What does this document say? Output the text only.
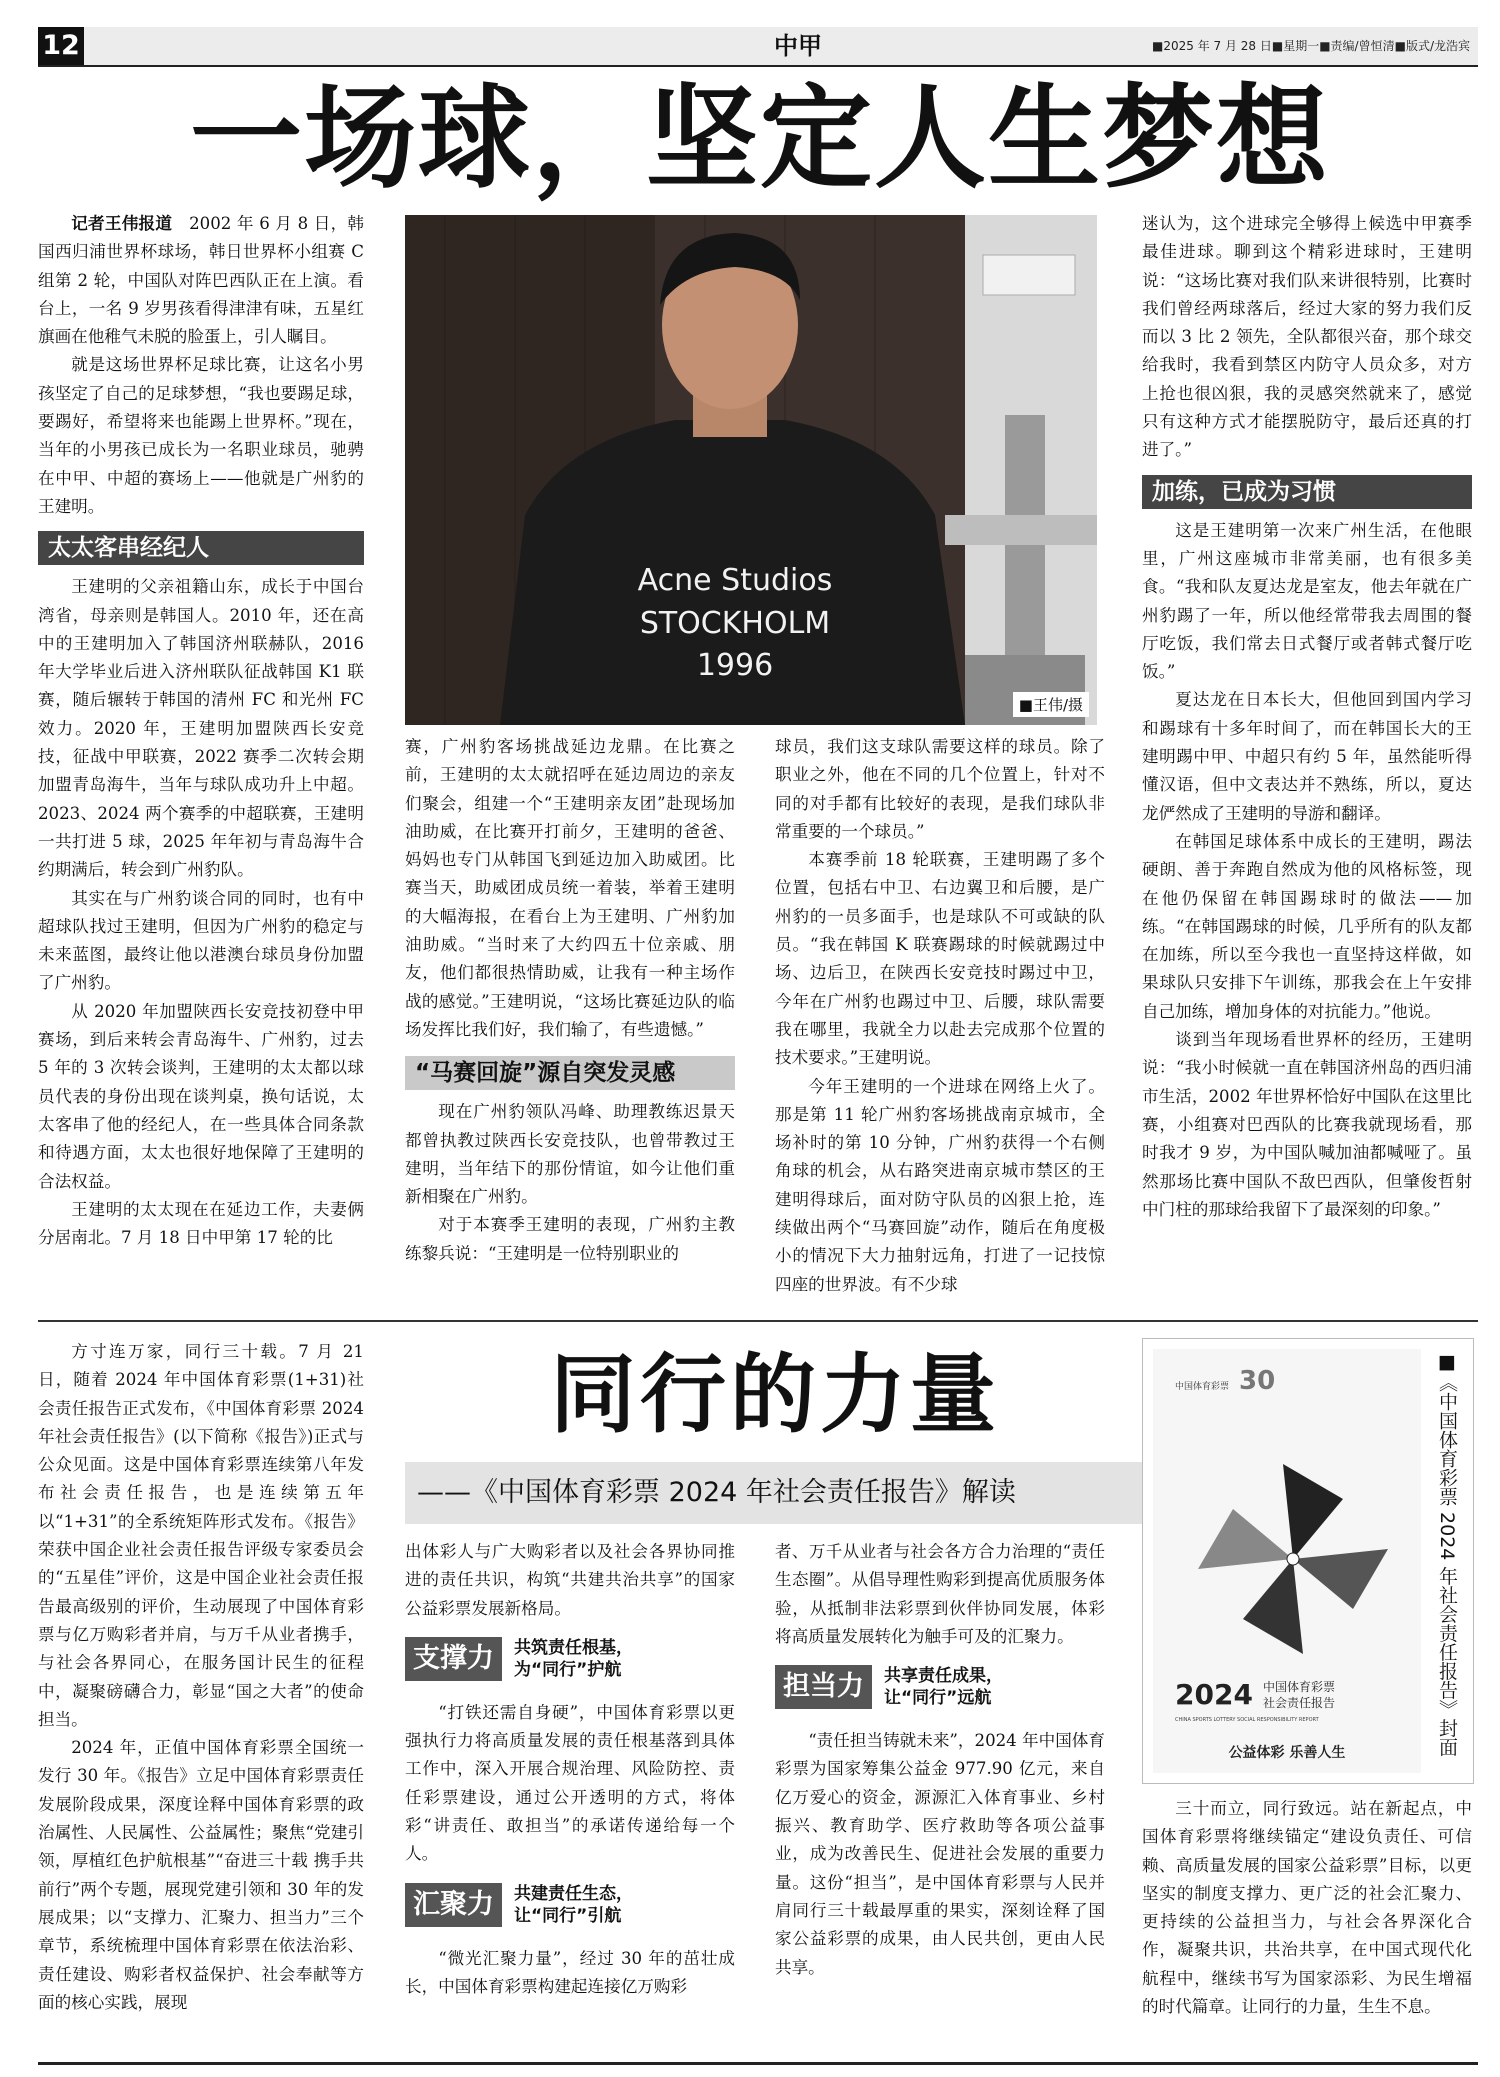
12	中甲	■2025 年 7 月 28 日■星期一■责编/曾恒清■版式/龙浩宾
一场球，坚定人生梦想

记者王伟报道　 2002 年 6 月 8 日，韩国西归浦世界杯球场，韩日世界杯小组赛 C 组第 2 轮，中国队对阵巴西队正在上演。看台上，一名 9 岁男孩看得津津有味，五星红旗画在他稚气未脱的脸蛋上，引人瞩目。

就是这场世界杯足球比赛，让这名小男孩坚定了自己的足球梦想，“我也要踢足球，要踢好，希望将来也能踢上世界杯。”现在，当年的小男孩已成长为一名职业球员，驰骋在中甲、中超的赛场上——他就是广州豹的王建明。

太太客串经纪人

王建明的父亲祖籍山东，成长于中国台湾省，母亲则是韩国人。2010 年，还在高中的王建明加入了韩国济州联赫队，2016 年大学毕业后进入济州联队征战韩国 K1 联赛，随后辗转于韩国的清州 FC 和光州 FC 效力。2020 年，王建明加盟陕西长安竞技，征战中甲联赛，2022 赛季二次转会期加盟青岛海牛，当年与球队成功升上中超。2023、2024 两个赛季的中超联赛，王建明一共打进 5 球，2025 年年初与青岛海牛合约期满后，转会到广州豹队。

其实在与广州豹谈合同的同时，也有中超球队找过王建明，但因为广州豹的稳定与未来蓝图，最终让他以港澳台球员身份加盟了广州豹。

从 2020 年加盟陕西长安竞技初登中甲赛场，到后来转会青岛海牛、广州豹，过去 5 年的 3 次转会谈判，王建明的太太都以球员代表的身份出现在谈判桌，换句话说，太太客串了他的经纪人，在一些具体合同条款和待遇方面，太太也很好地保障了王建明的合法权益。

王建明的太太现在在延边工作，夫妻俩分居南北。7 月 18 日中甲第 17 轮的比

Acne Studios
STOCKHOLM
1996
■王伟/摄

赛，广州豹客场挑战延边龙鼎。在比赛之前，王建明的太太就招呼在延边周边的亲友们聚会，组建一个“王建明亲友团”赴现场加油助威，在比赛开打前夕，王建明的爸爸、妈妈也专门从韩国飞到延边加入助威团。比赛当天，助威团成员统一着装，举着王建明的大幅海报，在看台上为王建明、广州豹加油助威。“当时来了大约四五十位亲戚、朋友，他们都很热情助威，让我有一种主场作战的感觉。”王建明说，“这场比赛延边队的临场发挥比我们好，我们输了，有些遗憾。”

“马赛回旋”源自突发灵感

现在广州豹领队冯峰、助理教练迟景天都曾执教过陕西长安竞技队，也曾带教过王建明，当年结下的那份情谊，如今让他们重新相聚在广州豹。

对于本赛季王建明的表现，广州豹主教练黎兵说：“王建明是一位特别职业的

球员，我们这支球队需要这样的球员。除了职业之外，他在不同的几个位置上，针对不同的对手都有比较好的表现，是我们球队非常重要的一个球员。”

本赛季前 18 轮联赛，王建明踢了多个位置，包括右中卫、右边翼卫和后腰，是广州豹的一员多面手，也是球队不可或缺的队员。“我在韩国 K 联赛踢球的时候就踢过中场、边后卫，在陕西长安竞技时踢过中卫，今年在广州豹也踢过中卫、后腰，球队需要我在哪里，我就全力以赴去完成那个位置的技术要求。”王建明说。

今年王建明的一个进球在网络上火了。那是第 11 轮广州豹客场挑战南京城市，全场补时的第 10 分钟，广州豹获得一个右侧角球的机会，从右路突进南京城市禁区的王建明得球后，面对防守队员的凶狠上抢，连续做出两个“马赛回旋”动作，随后在角度极小的情况下大力抽射远角，打进了一记技惊四座的世界波。有不少球

迷认为，这个进球完全够得上候选中甲赛季最佳进球。聊到这个精彩进球时，王建明说：“这场比赛对我们队来讲很特别，比赛时我们曾经两球落后，经过大家的努力我们反而以 3 比 2 领先，全队都很兴奋，那个球交给我时，我看到禁区内防守人员众多，对方上抢也很凶狠，我的灵感突然就来了，感觉只有这种方式才能摆脱防守，最后还真的打进了。”

加练，已成为习惯

这是王建明第一次来广州生活，在他眼里，广州这座城市非常美丽，也有很多美食。“我和队友夏达龙是室友，他去年就在广州豹踢了一年，所以他经常带我去周围的餐厅吃饭，我们常去日式餐厅或者韩式餐厅吃饭。”

夏达龙在日本长大，但他回到国内学习和踢球有十多年时间了，而在韩国长大的王建明踢中甲、中超只有约 5 年，虽然能听得懂汉语，但中文表达并不熟练，所以，夏达龙俨然成了王建明的导游和翻译。

在韩国足球体系中成长的王建明，踢法硬朗、善于奔跑自然成为他的风格标签，现在他仍保留在韩国踢球时的做法——加练。“在韩国踢球的时候，几乎所有的队友都在加练，所以至今我也一直坚持这样做，如果球队只安排下午训练，那我会在上午安排自己加练，增加身体的对抗能力。”他说。

谈到当年现场看世界杯的经历，王建明说：“我小时候就一直在韩国济州岛的西归浦市生活，2002 年世界杯恰好中国队在这里比赛，小组赛对巴西队的比赛我就现场看，那时我才 9 岁，为中国队喊加油都喊哑了。虽然那场比赛中国队不敌巴西队，但肇俊哲射中门柱的那球给我留下了最深刻的印象。”

同行的力量
——《中国体育彩票 2024 年社会责任报告》解读

方寸连万家，同行三十载。7 月 21 日，随着 2024 年中国体育彩票(1+31)社会责任报告正式发布，《中国体育彩票 2024 年社会责任报告》(以下简称《报告》)正式与公众见面。这是中国体育彩票连续第八年发布社会责任报告，也是连续第五年以“1+31”的全系统矩阵形式发布。《报告》荣获中国企业社会责任报告评级专家委员会的“五星佳”评价，这是中国企业社会责任报告最高级别的评价，生动展现了中国体育彩票与亿万购彩者并肩，与万千从业者携手，与社会各界同心，在服务国计民生的征程中，凝聚磅礴合力，彰显“国之大者”的使命担当。

2024 年，正值中国体育彩票全国统一发行 30 年。《报告》立足中国体育彩票责任发展阶段成果，深度诠释中国体育彩票的政治属性、人民属性、公益属性；聚焦“党建引领，厚植红色护航根基”“奋进三十载 携手共前行”两个专题，展现党建引领和 30 年的发展成果；以“支撑力、汇聚力、担当力”三个章节，系统梳理中国体育彩票在依法治彩、责任建设、购彩者权益保护、社会奉献等方面的核心实践，展现

出体彩人与广大购彩者以及社会各界协同推进的责任共识，构筑“共建共治共享”的国家公益彩票发展新格局。

支撑力	共筑责任根基，
为“同行”护航

“打铁还需自身硬”，中国体育彩票以更强执行力将高质量发展的责任根基落到具体工作中，深入开展合规治理、风险防控、责任彩票建设，通过公开透明的方式，将体彩“讲责任、敢担当”的承诺传递给每一个人。

汇聚力	共建责任生态，
让“同行”引航

“微光汇聚力量”，经过 30 年的茁壮成长，中国体育彩票构建起连接亿万购彩

者、万千从业者与社会各方合力治理的“责任生态圈”。从倡导理性购彩到提高优质服务体验，从抵制非法彩票到伙伴协同发展，体彩将高质量发展转化为触手可及的汇聚力。

担当力	共享责任成果，
让“同行”远航

“责任担当铸就未来”，2024 年中国体育彩票为国家筹集公益金 977.90 亿元，来自亿万爱心的资金，源源汇入体育事业、乡村振兴、教育助学、医疗救助等各项公益事业，成为改善民生、促进社会发展的重要力量。这份“担当”，是中国体育彩票与人民并肩同行三十载最厚重的果实，深刻诠释了国家公益彩票的成果，由人民共创，更由人民共享。

中国体育彩票 30
2024 中国体育彩票
社会责任报告
CHINA SPORTS LOTTERY SOCIAL RESPONSIBILITY REPORT
公益体彩 乐善人生	■《中国体育彩票 2024 年社会责任报告》封面

三十而立，同行致远。站在新起点，中国体育彩票将继续锚定“建设负责任、可信赖、高质量发展的国家公益彩票”目标，以更坚实的制度支撑力、更广泛的社会汇聚力、更持续的公益担当力，与社会各界深化合作，凝聚共识，共治共享，在中国式现代化航程中，继续书写为国家添彩、为民生增福的时代篇章。让同行的力量，生生不息。
